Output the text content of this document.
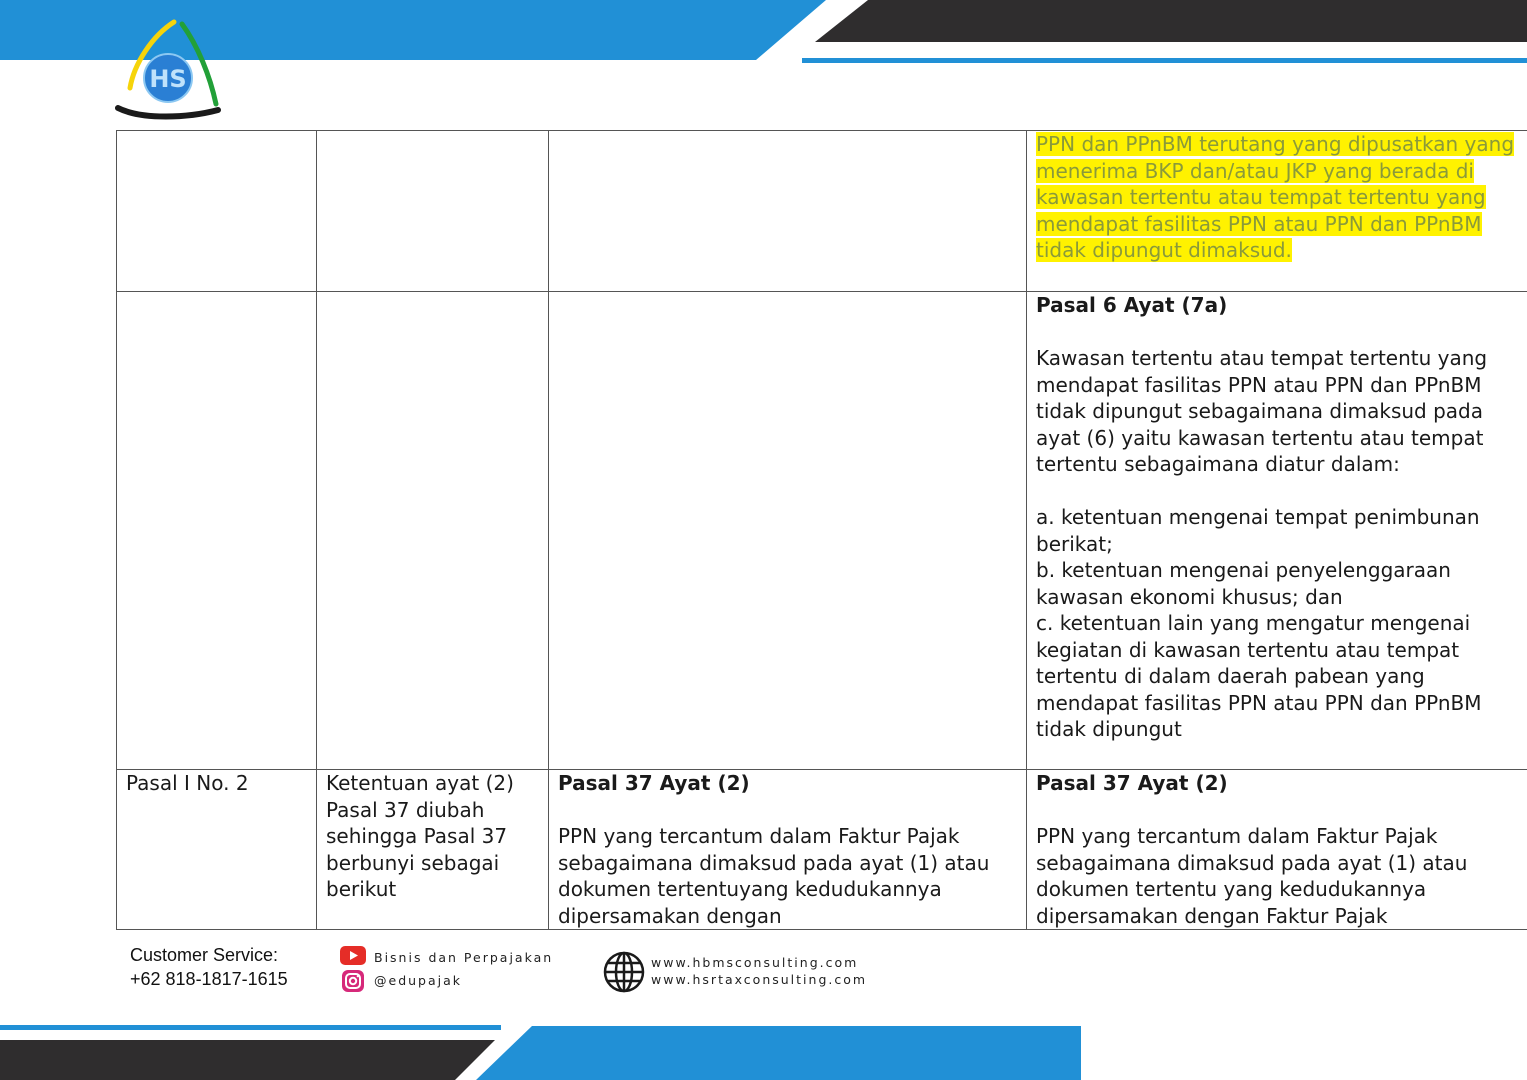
HS
			PPN dan PPnBM terutang yang dipusatkan yang menerima BKP dan/atau JKP yang berada di kawasan tertentu atau tempat tertentu yang mendapat fasilitas PPN atau PPN dan PPnBM tidak dipungut dimaksud.

			Pasal 6 Ayat (7a)
Kawasan tertentu atau tempat tertentu yang mendapat fasilitas PPN atau PPN dan PPnBM tidak dipungut sebagaimana dimaksud pada ayat (6) yaitu kawasan tertentu atau tempat tertentu sebagaimana diatur dalam:
a. ketentuan mengenai tempat penimbunan berikat;
b. ketentuan mengenai penyelenggaraan kawasan ekonomi khusus; dan
c. ketentuan lain yang mengatur mengenai kegiatan di kawasan tertentu atau tempat tertentu di dalam daerah pabean yang mendapat fasilitas PPN atau PPN dan PPnBM tidak dipungut

Pasal I No. 2	Ketentuan ayat (2) Pasal 37 diubah sehingga Pasal 37 berbunyi sebagai berikut	Pasal 37 Ayat (2)
PPN yang tercantum dalam Faktur Pajak sebagaimana dimaksud pada ayat (1) atau dokumen tertentuyang kedudukannya dipersamakan dengan	Pasal 37 Ayat (2)
PPN yang tercantum dalam Faktur Pajak sebagaimana dimaksud pada ayat (1) atau dokumen tertentu yang kedudukannya dipersamakan dengan Faktur Pajak
Customer Service:
+62 818-1817-1615
Bisnis dan Perpajakan
@edupajak
www.hbmsconsulting.com
www.hsrtaxconsulting.com
